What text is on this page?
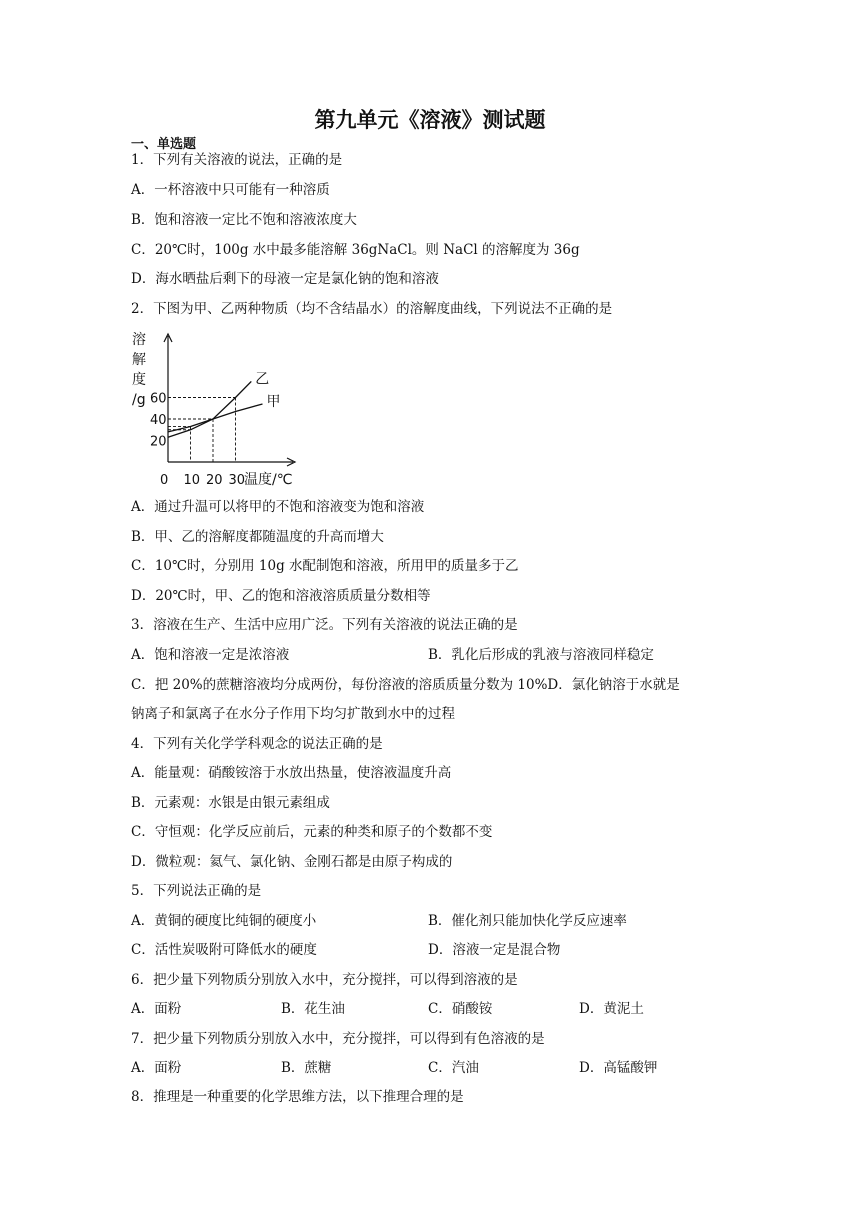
第九单元《溶液》测试题
一、单选题
1．下列有关溶液的说法，正确的是
A．一杯溶液中只可能有一种溶质
B．饱和溶液一定比不饱和溶液浓度大
C．20℃时，100g 水中最多能溶解 36gNaCl。则 NaCl 的溶解度为 36g
D．海水晒盐后剩下的母液一定是氯化钠的饱和溶液
2．下图为甲、乙两种物质（均不含结晶水）的溶解度曲线，下列说法不正确的是
溶
解
度
/g
温度/℃
0 10 20 30
20
40
60
乙
甲
A．通过升温可以将甲的不饱和溶液变为饱和溶液
B．甲、乙的溶解度都随温度的升高而增大
C．10℃时，分别用 10g 水配制饱和溶液，所用甲的质量多于乙
D．20℃时，甲、乙的饱和溶液溶质质量分数相等
3．溶液在生产、生活中应用广泛。下列有关溶液的说法正确的是
A．饱和溶液一定是浓溶液	B．乳化后形成的乳液与溶液同样稳定
C．把 20%的蔗糖溶液均分成两份，每份溶液的溶质质量分数为 10%D．氯化钠溶于水就是
钠离子和氯离子在水分子作用下均匀扩散到水中的过程
4．下列有关化学学科观念的说法正确的是
A．能量观：硝酸铵溶于水放出热量，使溶液温度升高
B．元素观：水银是由银元素组成
C．守恒观：化学反应前后，元素的种类和原子的个数都不变
D．微粒观：氦气、氯化钠、金刚石都是由原子构成的
5．下列说法正确的是
A．黄铜的硬度比纯铜的硬度小	B．催化剂只能加快化学反应速率
C．活性炭吸附可降低水的硬度	D．溶液一定是混合物
6．把少量下列物质分别放入水中，充分搅拌，可以得到溶液的是
A．面粉	B．花生油	C．硝酸铵	D．黄泥土
7．把少量下列物质分别放入水中，充分搅拌，可以得到有色溶液的是
A．面粉	B．蔗糖	C．汽油	D．高锰酸钾
8．推理是一种重要的化学思维方法，以下推理合理的是
